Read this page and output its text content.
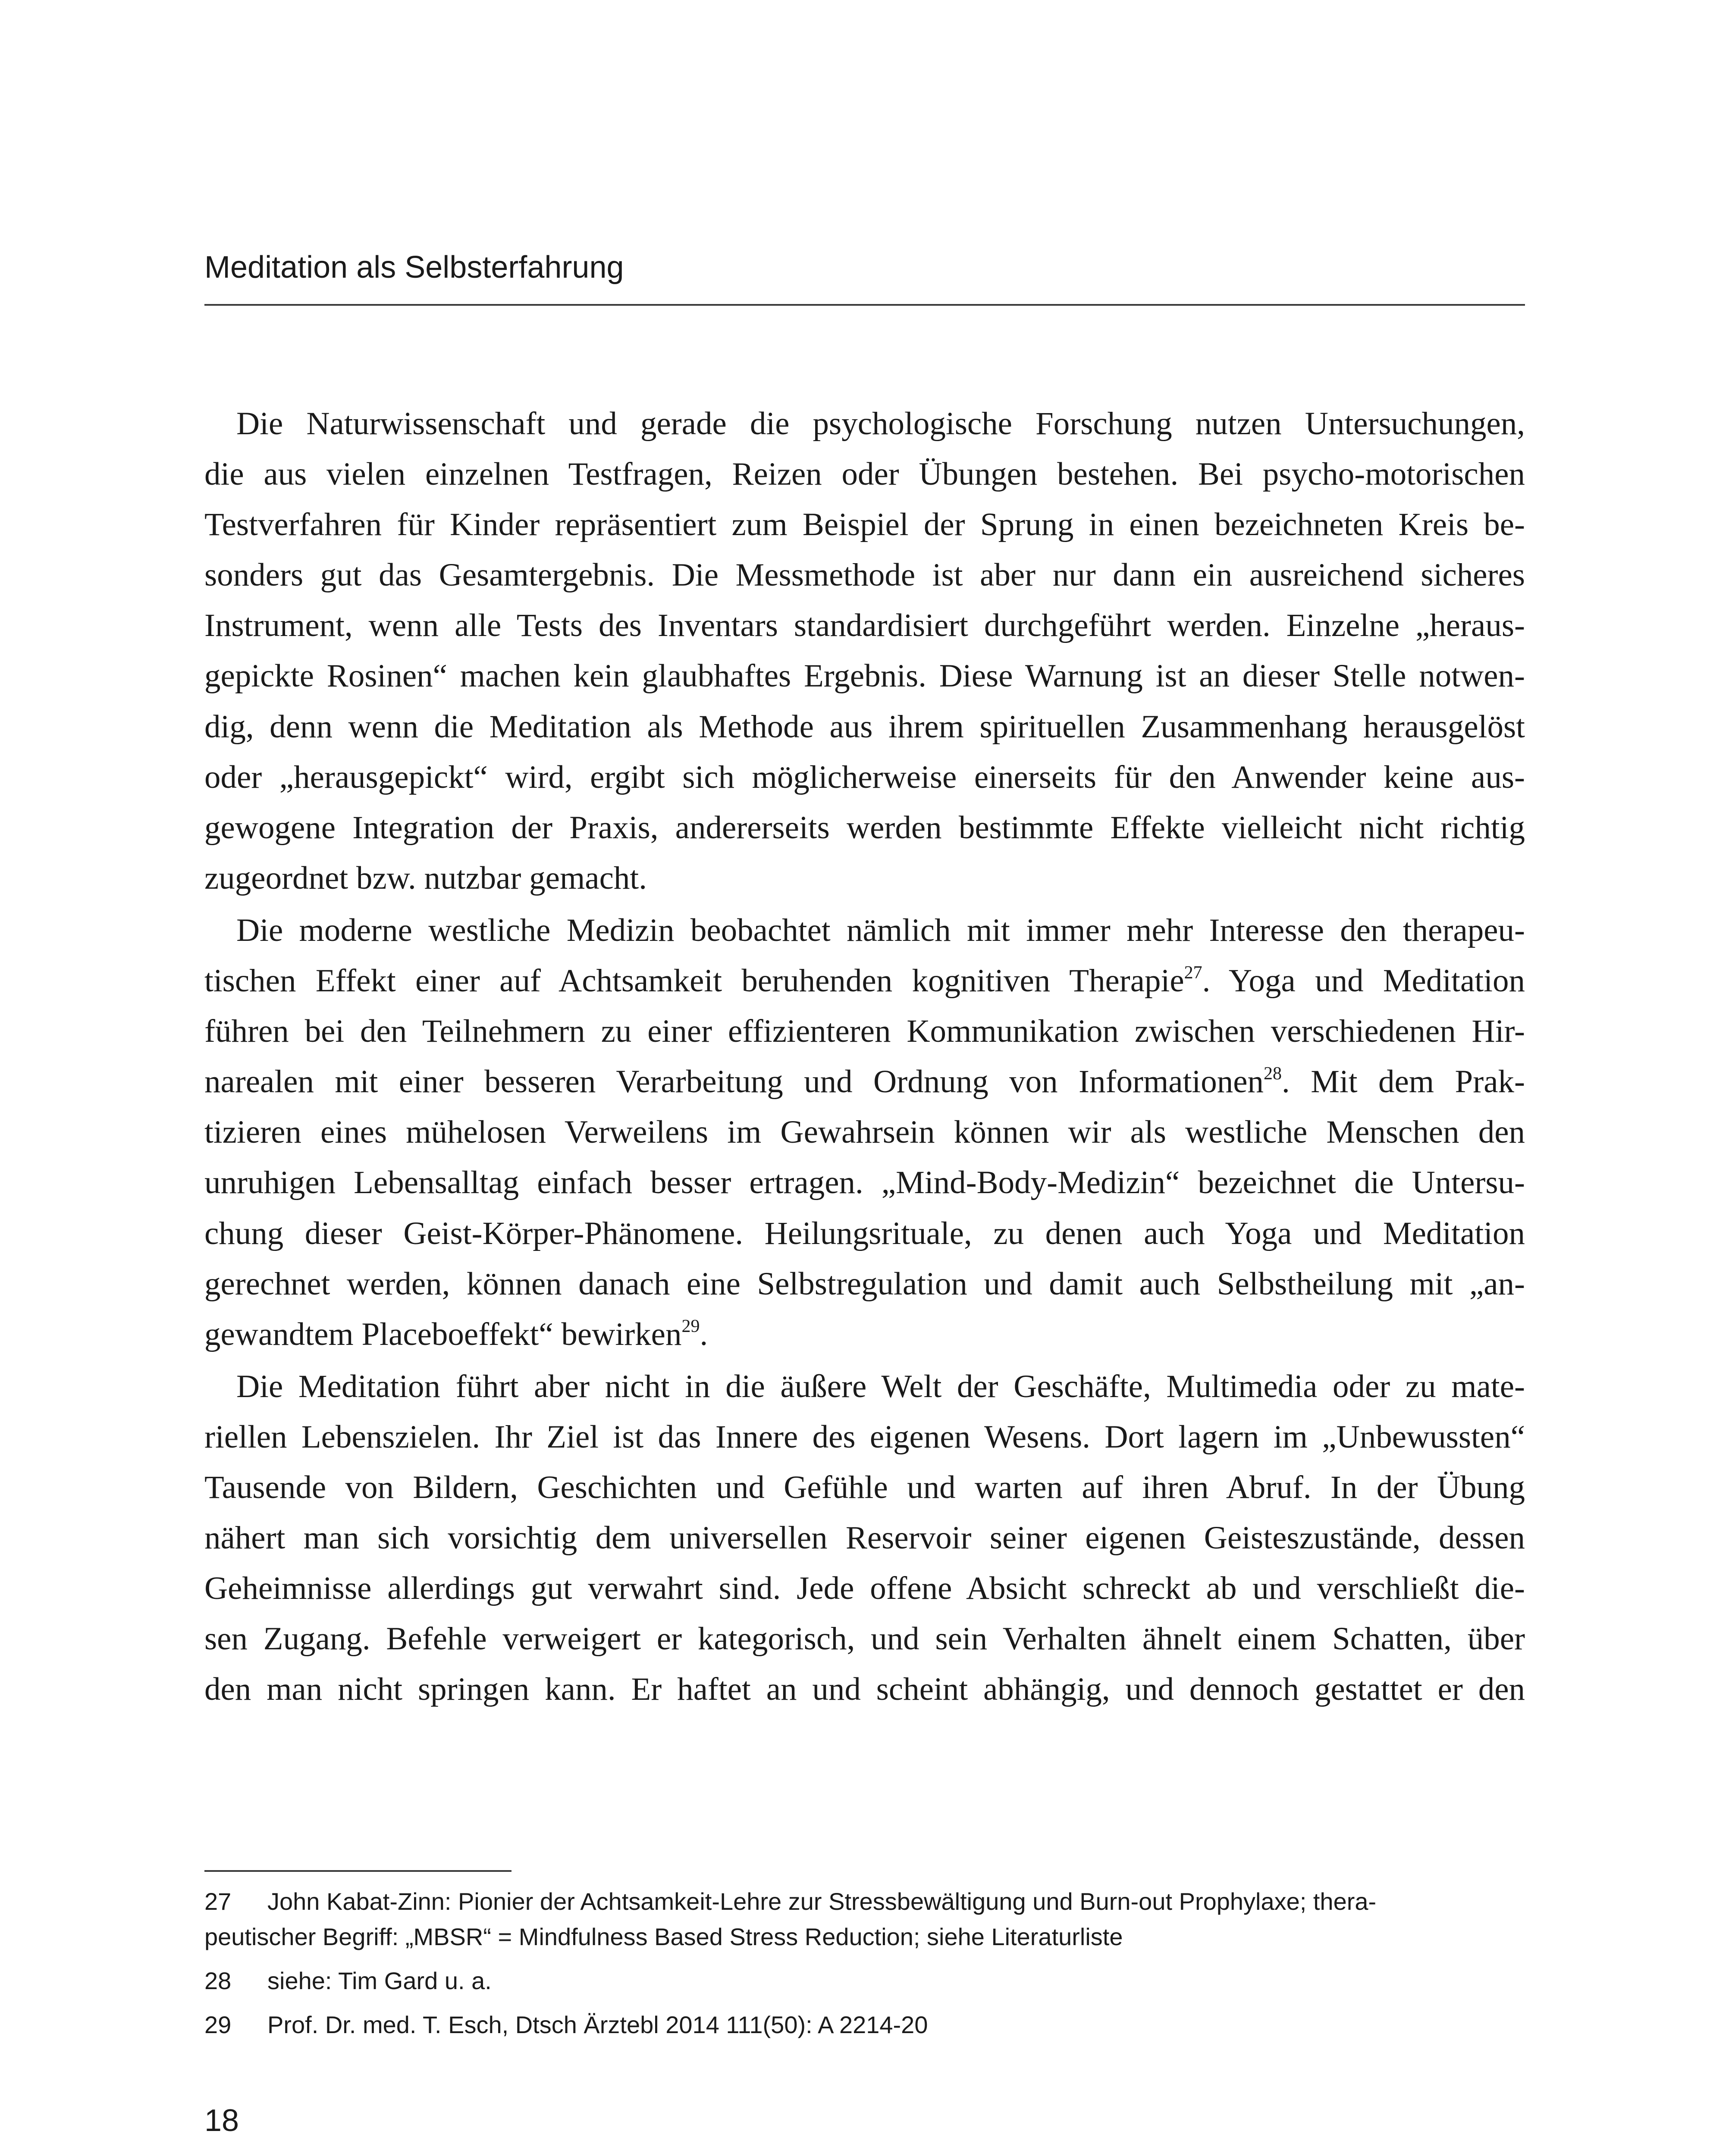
Meditation als Selbsterfahrung

Die Naturwissenschaft und gerade die psychologische Forschung nutzen Untersuchungen,
die aus vielen einzelnen Testfragen, Reizen oder Übungen bestehen. Bei psycho-motorischen
Testverfahren für Kinder repräsentiert zum Beispiel der Sprung in einen bezeichneten Kreis be-
sonders gut das Gesamtergebnis. Die Messmethode ist aber nur dann ein ausreichend sicheres
Instrument, wenn alle Tests des Inventars standardisiert durchgeführt werden. Einzelne „heraus-
gepickte Rosinen“ machen kein glaubhaftes Ergebnis. Diese Warnung ist an dieser Stelle notwen-
dig, denn wenn die Meditation als Methode aus ihrem spirituellen Zusammenhang herausgelöst
oder „herausgepickt“ wird, ergibt sich möglicherweise einerseits für den Anwender keine aus-
gewogene Integration der Praxis, andererseits werden bestimmte Effekte vielleicht nicht richtig
zugeordnet bzw. nutzbar gemacht.

Die moderne westliche Medizin beobachtet nämlich mit immer mehr Interesse den therapeu-
tischen Effekt einer auf Achtsamkeit beruhenden kognitiven Therapie$^{27}$. Yoga und Meditation
führen bei den Teilnehmern zu einer effizienteren Kommunikation zwischen verschiedenen Hir-
narealen mit einer besseren Verarbeitung und Ordnung von Informationen$^{28}$. Mit dem Prak-
tizieren eines mühelosen Verweilens im Gewahrsein können wir als westliche Menschen den
unruhigen Lebensalltag einfach besser ertragen. „Mind-Body-Medizin“ bezeichnet die Untersu-
chung dieser Geist-Körper-Phänomene. Heilungsrituale, zu denen auch Yoga und Meditation
gerechnet werden, können danach eine Selbstregulation und damit auch Selbstheilung mit „an-
gewandtem Placeboeffekt“ bewirken$^{29}$.

Die Meditation führt aber nicht in die äußere Welt der Geschäfte, Multimedia oder zu mate-
riellen Lebenszielen. Ihr Ziel ist das Innere des eigenen Wesens. Dort lagern im „Unbewussten“
Tausende von Bildern, Geschichten und Gefühle und warten auf ihren Abruf. In der Übung
nähert man sich vorsichtig dem universellen Reservoir seiner eigenen Geisteszustände, dessen
Geheimnisse allerdings gut verwahrt sind. Jede offene Absicht schreckt ab und verschließt die-
sen Zugang. Befehle verweigert er kategorisch, und sein Verhalten ähnelt einem Schatten, über
den man nicht springen kann. Er haftet an und scheint abhängig, und dennoch gestattet er den

27 John Kabat-Zinn: Pionier der Achtsamkeit-Lehre zur Stressbewältigung und Burn-out Prophylaxe; thera-
peutischer Begriff: „MBSR“ = Mindfulness Based Stress Reduction; siehe Literaturliste
28 siehe: Tim Gard u. a.
29 Prof. Dr. med. T. Esch, Dtsch Ärztebl 2014 111(50): A 2214-20
18
